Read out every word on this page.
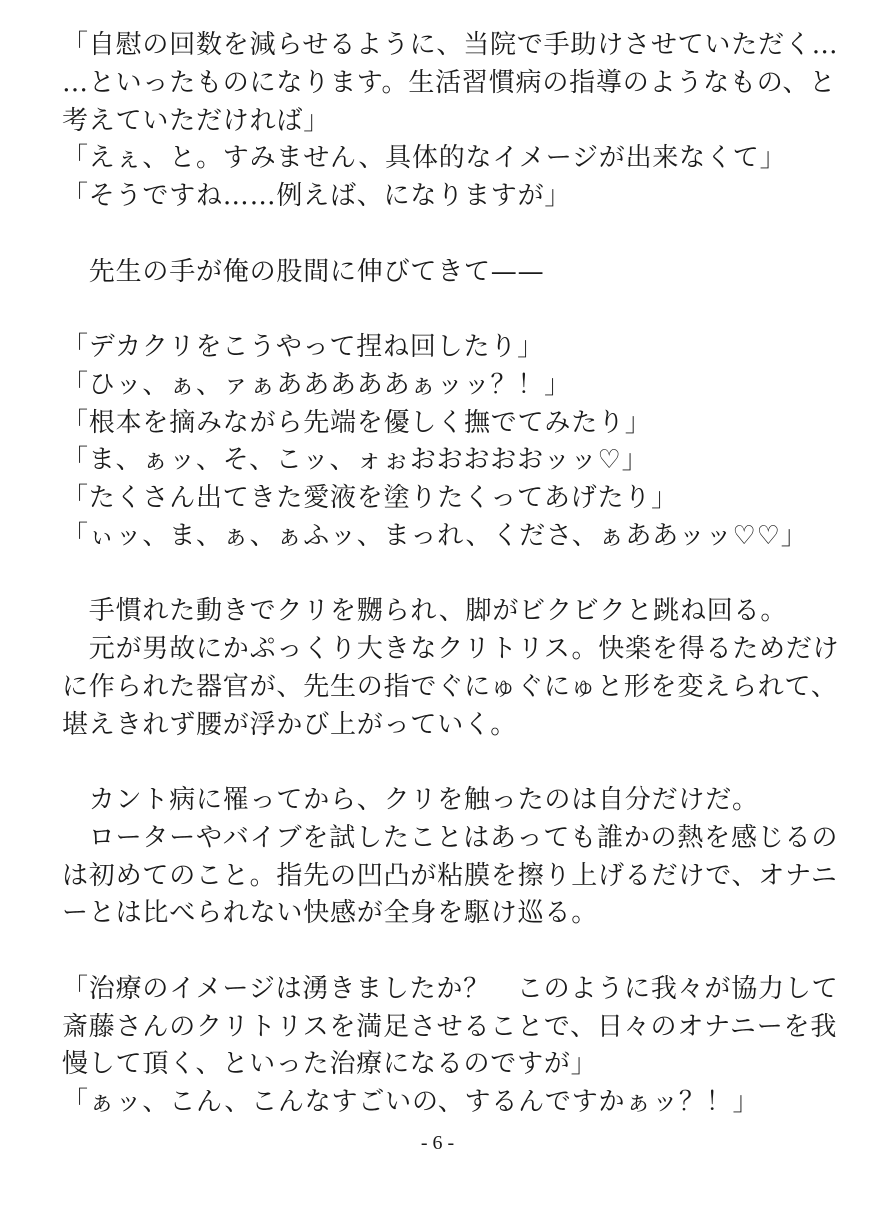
「自慰の回数を減らせるように、当院で手助けさせていただく…
…といったものになります。生活習慣病の指導のようなもの、と
考えていただければ」
「えぇ、と。すみません、具体的なイメージが出来なくて」
「そうですね……例えば、になりますが」
　先生の手が俺の股間に伸びてきて——
「デカクリをこうやって捏ね回したり」
「ひッ、ぁ、ァぁあああああぁッッ？！」
「根本を摘みながら先端を優しく撫でてみたり」
「ま、ぁッ、そ、こッ、ォぉおおおおおッッ♡」
「たくさん出てきた愛液を塗りたくってあげたり」
「ぃッ、ま、ぁ、ぁふッ、まっれ、くださ、ぁああッッ♡♡」
　手慣れた動きでクリを嬲られ、脚がビクビクと跳ね回る。
　元が男故にかぷっくり大きなクリトリス。快楽を得るためだけ
に作られた器官が、先生の指でぐにゅぐにゅと形を変えられて、
堪えきれず腰が浮かび上がっていく。
　カント病に罹ってから、クリを触ったのは自分だけだ。
　ローターやバイブを試したことはあっても誰かの熱を感じるの
は初めてのこと。指先の凹凸が粘膜を擦り上げるだけで、オナニ
ーとは比べられない快感が全身を駆け巡る。
「治療のイメージは湧きましたか？　このように我々が協力して
斎藤さんのクリトリスを満足させることで、日々のオナニーを我
慢して頂く、といった治療になるのですが」
「ぁッ、こん、こんなすごいの、するんですかぁッ？！」
- 6 -
